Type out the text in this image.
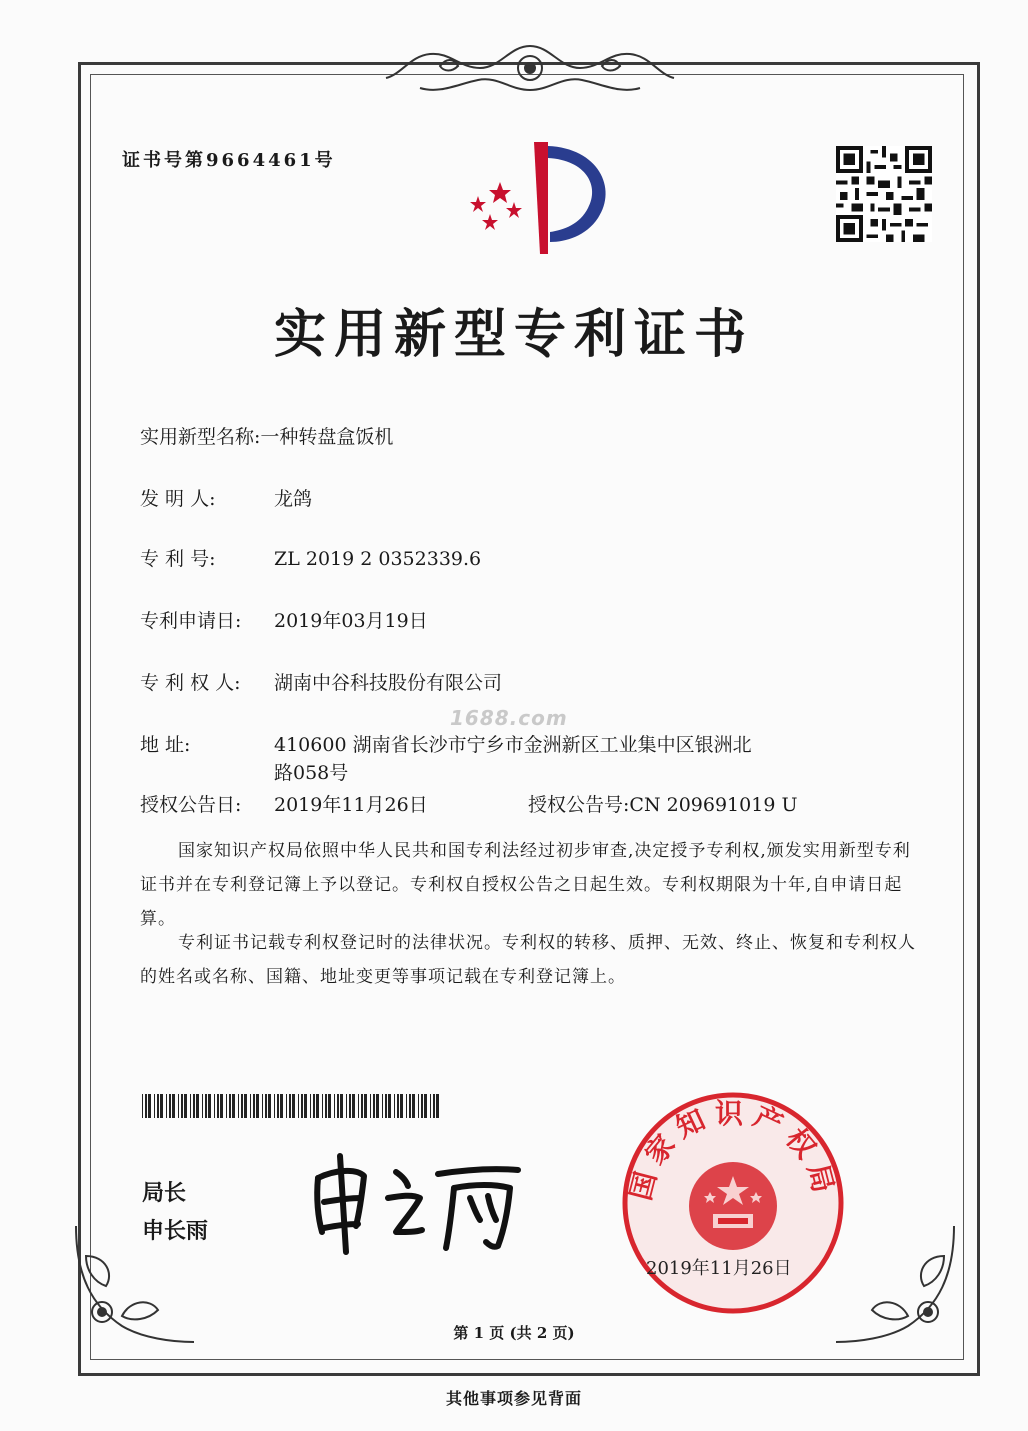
证书号第9664461号
实用新型专利证书
实用新型名称:一种转盘盒饭机
发 明 人:	龙鸽
专 利 号:	ZL 2019 2 0352339.6
专利申请日: 2019年03月19日
专 利 权 人: 湖南中谷科技股份有限公司
1688.com
地 址:	410600 湖南省长沙市宁乡市金洲新区工业集中区银洲北
路058号
授权公告日: 2019年11月26日	授权公告号:CN 209691019 U
国家知识产权局依照中华人民共和国专利法经过初步审查,决定授予专利权,颁发实用新型专利证书并在专利登记簿上予以登记。专利权自授权公告之日起生效。专利权期限为十年,自申请日起算。
专利证书记载专利权登记时的法律状况。专利权的转移、质押、无效、终止、恢复和专利权人的姓名或名称、国籍、地址变更等事项记载在专利登记簿上。
局长
申长雨
国家知识产权局
2019年11月26日
第 1 页 (共 2 页)
其他事项参见背面
